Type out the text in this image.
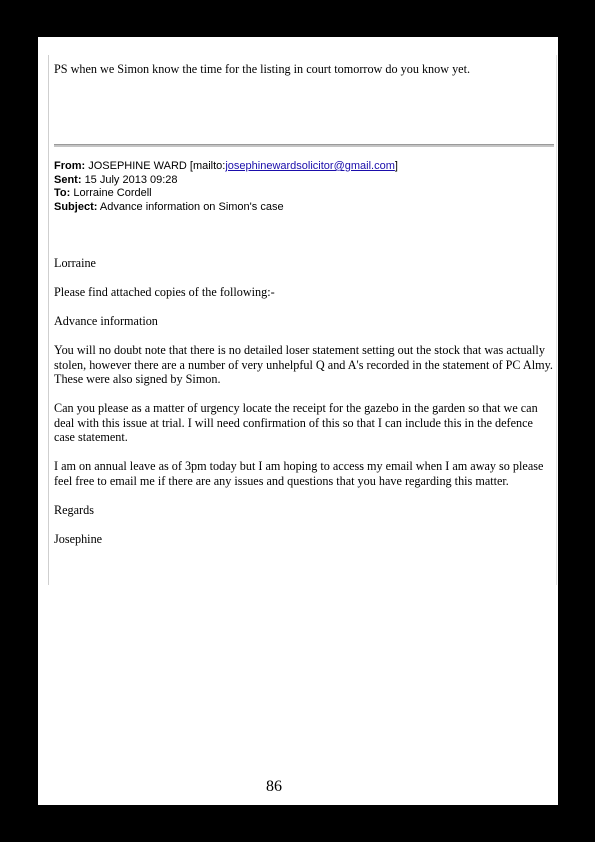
PS when we Simon know the time for the listing in court tomorrow do you know yet.
From: JOSEPHINE WARD [mailto:josephinewardsolicitor@gmail.com]
Sent: 15 July 2013 09:28
To: Lorraine Cordell
Subject: Advance information on Simon's case

Lorraine

Please find attached copies of the following:-

Advance information

You will no doubt note that there is no detailed loser statement setting out the stock that was actually stolen, however there are a number of very unhelpful Q and A's recorded in the statement of PC Almy. These were also signed by Simon.

Can you please as a matter of urgency locate the receipt for the gazebo in the garden so that we can deal with this issue at trial. I will need confirmation of this so that I can include this in the defence case statement.

I am on annual leave as of 3pm today but I am hoping to access my email when I am away so please feel free to email me if there are any issues and questions that you have regarding this matter.

Regards

Josephine

86
